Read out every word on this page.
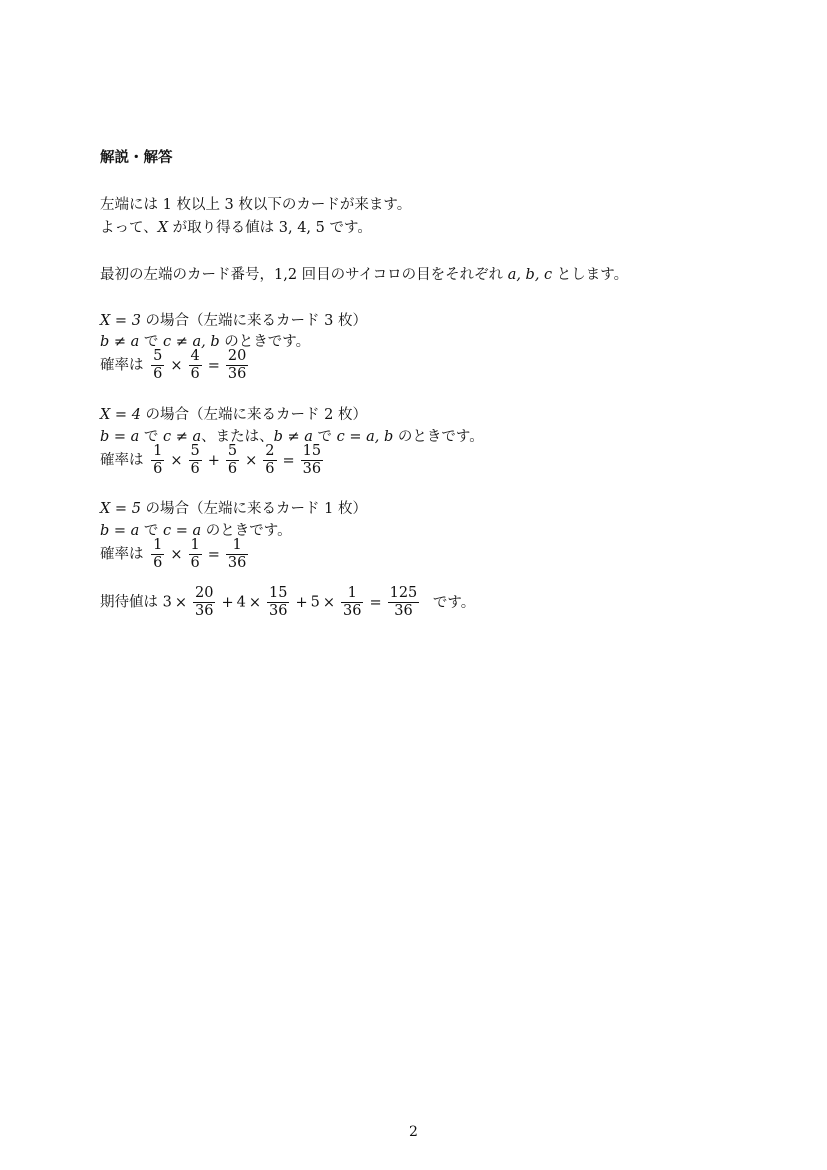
解説・解答
左端には 1 枚以上 3 枚以下のカードが来ます。
よって、X が取り得る値は 3, 4, 5 です。
最初の左端のカード番号，1,2 回目のサイコロの目をそれぞれ a, b, c とします。
X = 3 の場合（左端に来るカード 3 枚）
b ≠ a で c ≠ a, b のときです。
確率は $\frac{5}{6} \times \frac{4}{6} = \frac{20}{36}$
X = 4 の場合（左端に来るカード 2 枚）
b = a で c ≠ a、または、b ≠ a で c = a, b のときです。
確率は $\frac{1}{6} \times \frac{5}{6} + \frac{5}{6} \times \frac{2}{6} = \frac{15}{36}$
X = 5 の場合（左端に来るカード 1 枚）
b = a で c = a のときです。
確率は $\frac{1}{6} \times \frac{1}{6} = \frac{1}{36}$
期待値は $3 \times \frac{20}{36} + 4 \times \frac{15}{36} + 5 \times \frac{1}{36} = \frac{125}{36}$ です。
2
